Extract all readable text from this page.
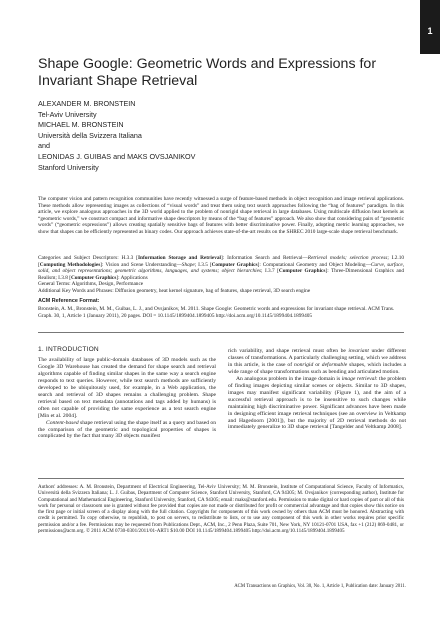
1
Shape Google: Geometric Words and Expressions for Invariant Shape Retrieval
ALEXANDER M. BRONSTEIN
Tel-Aviv University
MICHAEL M. BRONSTEIN
Università della Svizzera Italiana
and
LEONIDAS J. GUIBAS and MAKS OVSJANIKOV
Stanford University
The computer vision and pattern recognition communities have recently witnessed a surge of feature-based methods in object recognition and image retrieval applications. These methods allow representing images as collections of “visual words” and treat them using text search approaches following the “bag of features” paradigm. In this article, we explore analogous approaches in the 3D world applied to the problem of nonrigid shape retrieval in large databases. Using multiscale diffusion heat kernels as “geometric words,” we construct compact and informative shape descriptors by means of the “bag of features” approach. We also show that considering pairs of “geometric words” (“geometric expressions”) allows creating spatially sensitive bags of features with better discriminative power. Finally, adopting metric learning approaches, we show that shapes can be efficiently represented as binary codes. Our approach achieves state-of-the-art results on the SHREC 2010 large-scale shape retrieval benchmark.
Categories and Subject Descriptors: H.3.3 [Information Storage and Retrieval]: Information Search and Retrieval—Retrieval models; selection process; I.2.10 [Computing Methodologies]: Vision and Scene Understanding—Shape; I.3.5 [Computer Graphics]: Computational Geometry and Object Modeling—Curve, surface, solid, and object representations; geometric algorithms, languages, and systems; object hierarchies; I.3.7 [Computer Graphics]: Three-Dimensional Graphics and Realism; I.3.8 [Computer Graphics]: Applications
General Terms: Algorithms, Design, Performance
Additional Key Words and Phrases: Diffusion geometry, heat kernel signature, bag of features, shape retrieval, 3D search engine
ACM Reference Format:
Bronstein, A. M., Bronstein, M. M., Guibas, L. J., and Ovsjanikov, M. 2011. Shape Google: Geometric words and expressions for invariant shape retrieval. ACM Trans. Graph. 30, 1, Article 1 (January 2011), 20 pages. DOI = 10.1145/1899404.1899405 http://doi.acm.org/10.1145/1899404.1899405
1. INTRODUCTION

The availability of large public-domain databases of 3D models such as the Google 3D Warehouse has created the demand for shape search and retrieval algorithms capable of finding similar shapes in the same way a search engine responds to text queries. However, while text search methods are sufficiently developed to be ubiquitously used, for example, in a Web application, the search and retrieval of 3D shapes remains a challenging problem. Shape retrieval based on text metadata (annotations and tags added by humans) is often not capable of providing the same experience as a text search engine [Min et al. 2004].

Content-based shape retrieval using the shape itself as a query and based on the comparison of the geometric and topological properties of shapes is complicated by the fact that many 3D objects manifest

rich variability, and shape retrieval must often be invariant under different classes of transformations. A particularly challenging setting, which we address in this article, is the case of nonrigid or deformable shapes, which includes a wide range of shape transformations such as bending and articulated motion.

An analogous problem in the image domain is image retrieval: the problem of finding images depicting similar scenes or objects. Similar to 3D shapes, images may manifest significant variability (Figure 1), and the aim of a successful retrieval approach is to be insensitive to such changes while maintaining high discriminative power. Significant advances have been made in designing efficient image retrieval techniques (see an overview in Veltkamp and Hagedoorn [2001]), but the majority of 2D retrieval methods do not immediately generalize to 3D shape retrieval [Tangelder and Veltkamp 2008].

Authors' addresses: A. M. Bronstein, Department of Electrical Engineering, Tel-Aviv University; M. M. Bronstein, Institute of Computational Science, Faculty of Informatics, Università della Svizzera Italiana; L. J. Guibas, Department of Computer Science, Stanford University, Stanford, CA 94305; M. Ovsjanikov (corresponding author), Institute for Computational and Mathematical Engineering, Stanford University, Stanford, CA 94305; email: maks@stanford.edu. Permission to make digital or hard copies of part or all of this work for personal or classroom use is granted without fee provided that copies are not made or distributed for profit or commercial advantage and that copies show this notice on the first page or initial screen of a display along with the full citation. Copyrights for components of this work owned by others than ACM must be honored. Abstracting with credit is permitted. To copy otherwise, to republish, to post on servers, to redistribute to lists, or to use any component of this work in other works requires prior specific permission and/or a fee. Permissions may be requested from Publications Dept., ACM, Inc., 2 Penn Plaza, Suite 701, New York, NY 10121-0701 USA, fax +1 (212) 869-0481, or permissions@acm.org. © 2011 ACM 0730-0301/2011/01-ART1 $10.00 DOI 10.1145/1899404.1899405 http://doi.acm.org/10.1145/1899404.1899405
ACM Transactions on Graphics, Vol. 30, No. 1, Article 1, Publication date: January 2011.
